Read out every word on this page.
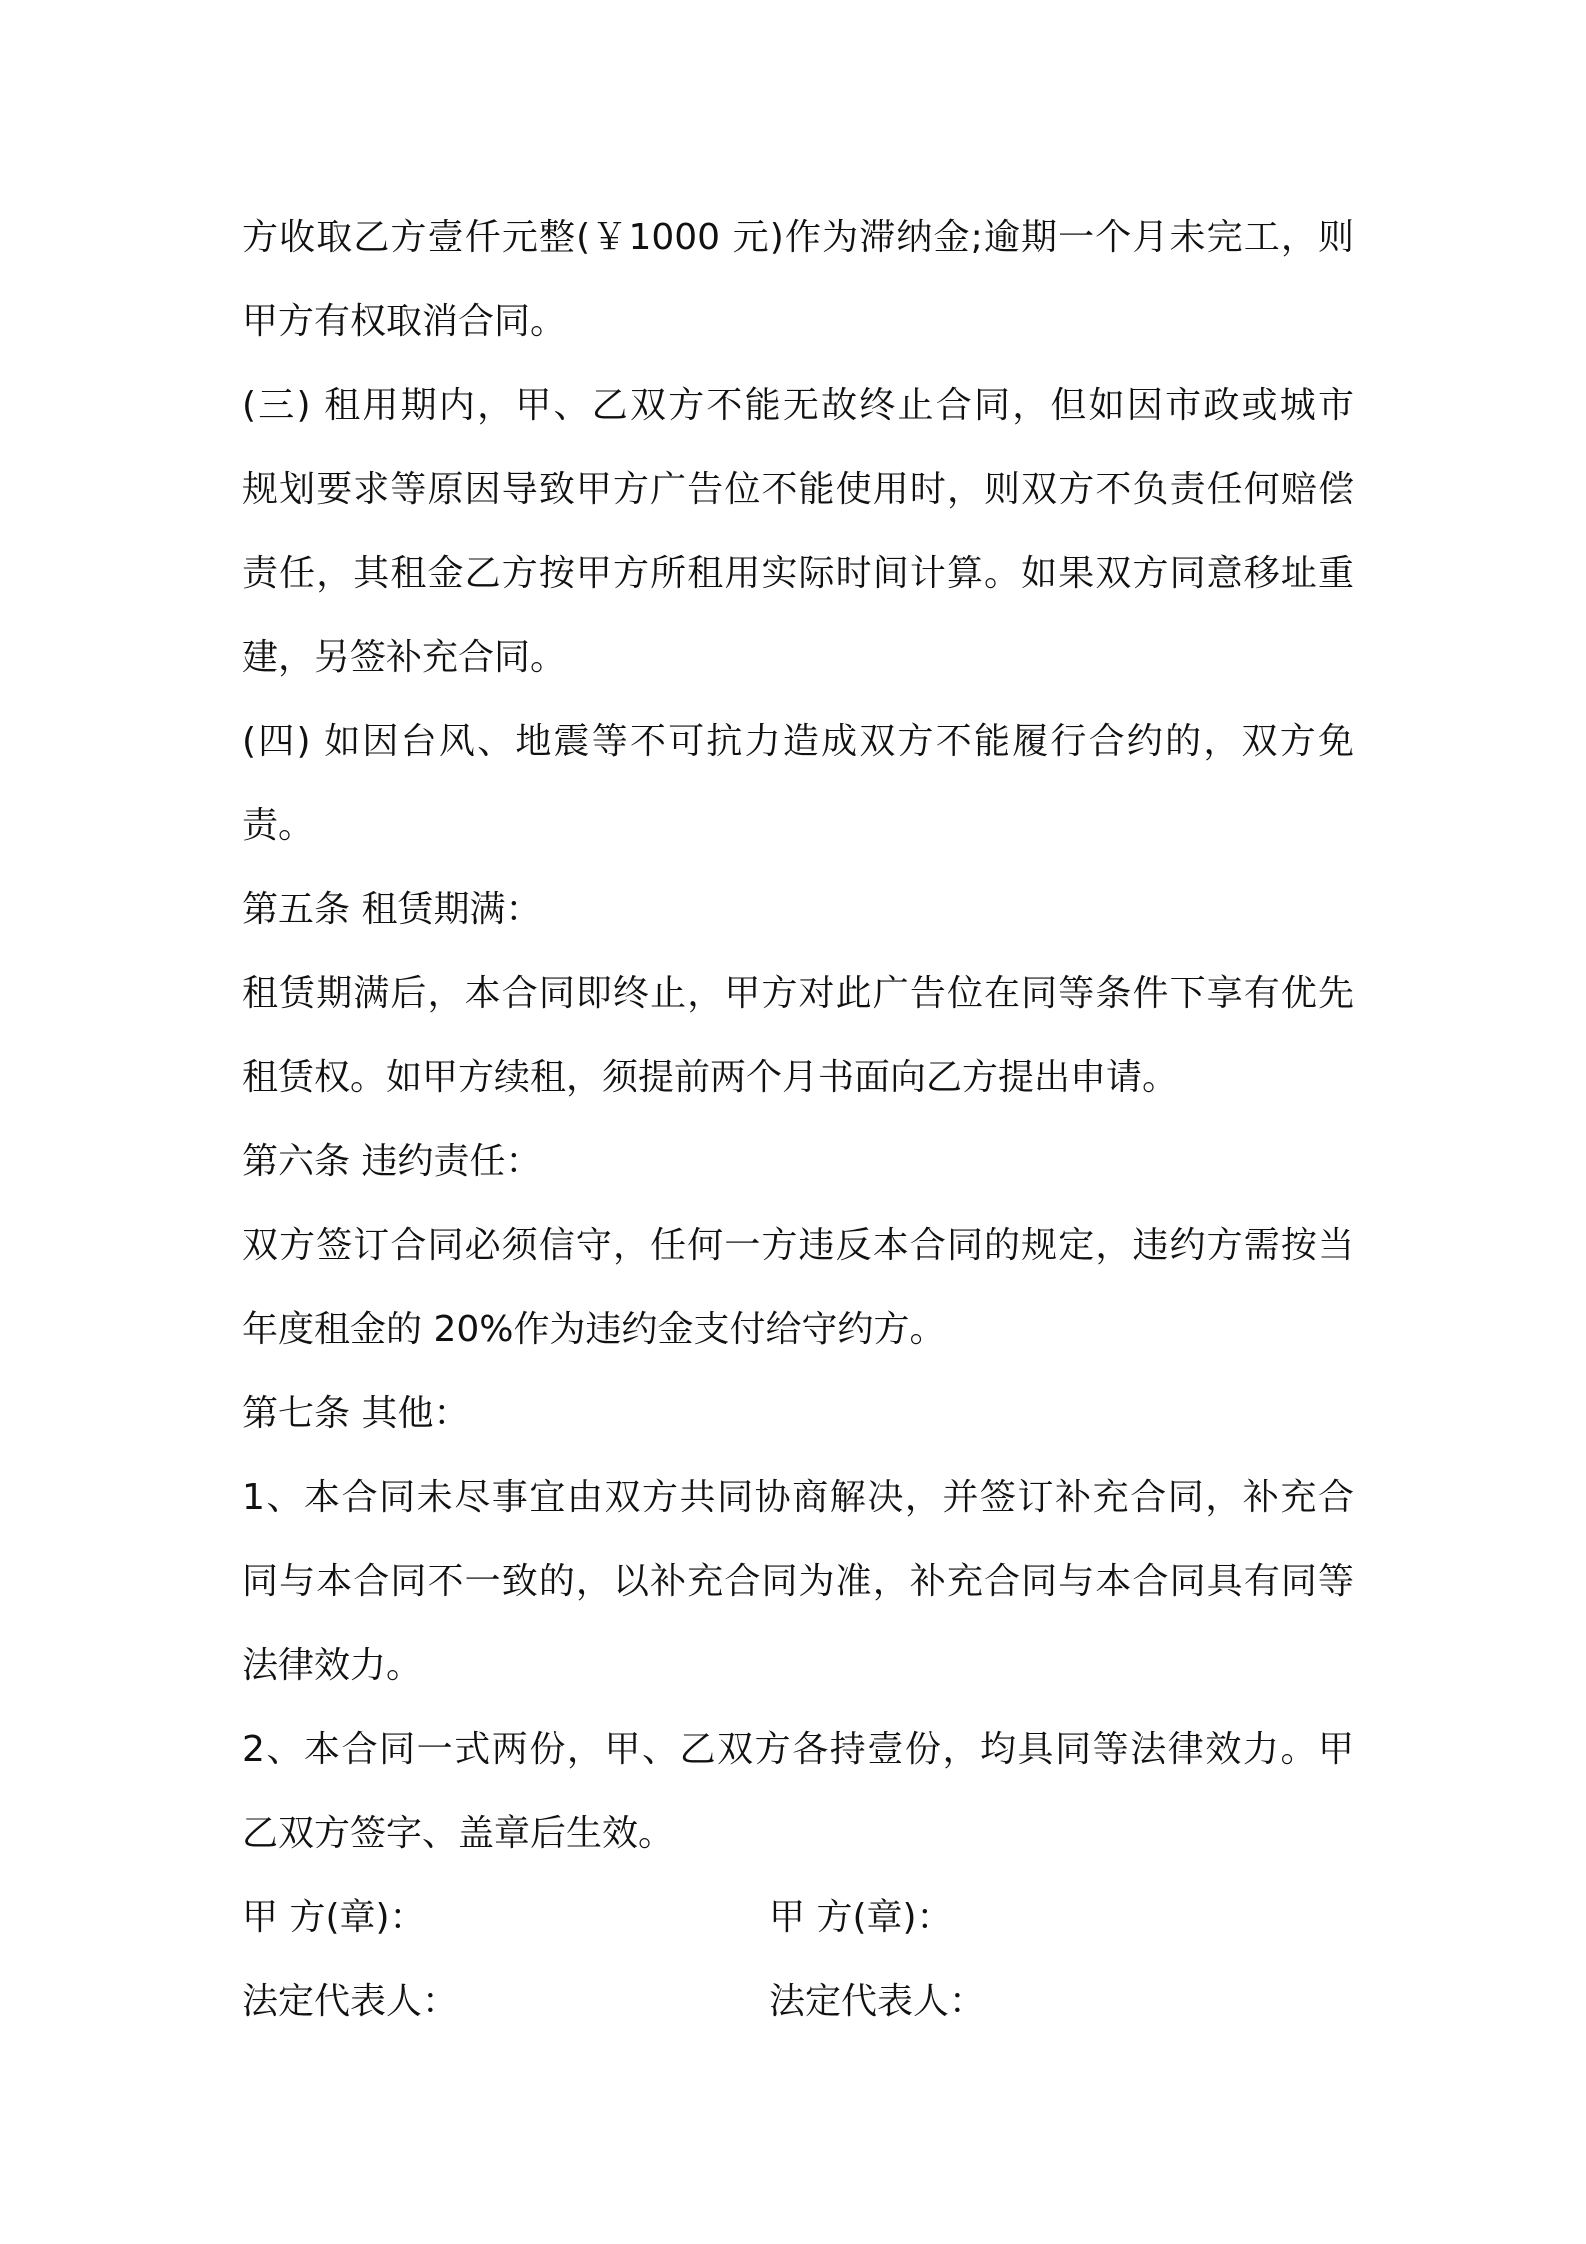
方收取乙方壹仟元整(￥1000 元)作为滞纳金;逾期一个月未完工，则
甲方有权取消合同。
(三) 租用期内，甲、乙双方不能无故终止合同，但如因市政或城市
规划要求等原因导致甲方广告位不能使用时，则双方不负责任何赔偿
责任，其租金乙方按甲方所租用实际时间计算。如果双方同意移址重
建，另签补充合同。
(四) 如因台风、地震等不可抗力造成双方不能履行合约的，双方免
责。
第五条 租赁期满：
租赁期满后，本合同即终止，甲方对此广告位在同等条件下享有优先
租赁权。如甲方续租，须提前两个月书面向乙方提出申请。
第六条 违约责任：
双方签订合同必须信守，任何一方违反本合同的规定，违约方需按当
年度租金的 20%作为违约金支付给守约方。
第七条 其他：
1、本合同未尽事宜由双方共同协商解决，并签订补充合同，补充合
同与本合同不一致的，以补充合同为准，补充合同与本合同具有同等
法律效力。
2、本合同一式两份，甲、乙双方各持壹份，均具同等法律效力。甲
乙双方签字、盖章后生效。
甲 方(章)：	甲 方(章)：
法定代表人：	法定代表人：
